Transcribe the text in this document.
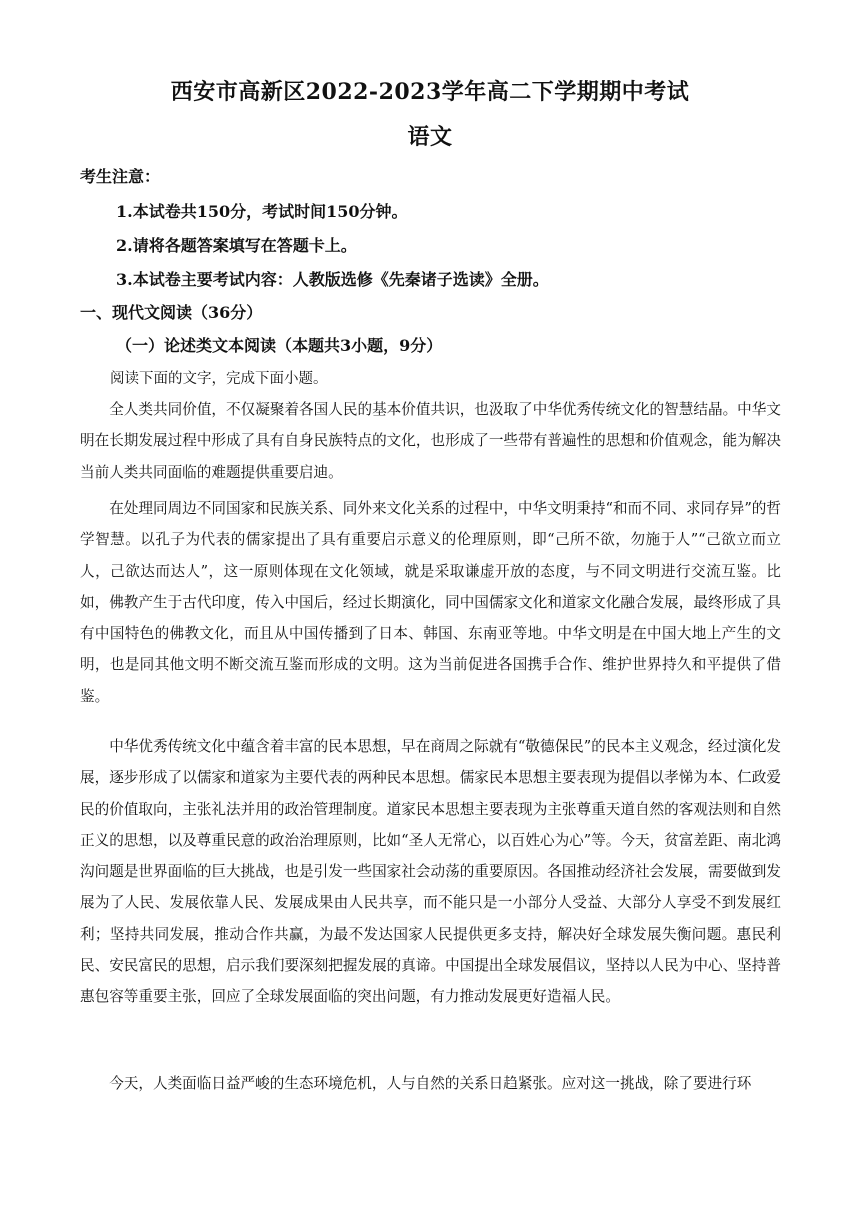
西安市高新区2022-2023学年高二下学期期中考试
语文
考生注意：
1.本试卷共150分，考试时间150分钟。
2.请将各题答案填写在答题卡上。
3.本试卷主要考试内容：人教版选修《先秦诸子选读》全册。
一、现代文阅读（36分）
（一）论述类文本阅读（本题共3小题，9分）
阅读下面的文字，完成下面小题。

全人类共同价值，不仅凝聚着各国人民的基本价值共识，也汲取了中华优秀传统文化的智慧结晶。中华文明在长期发展过程中形成了具有自身民族特点的文化，也形成了一些带有普遍性的思想和价值观念，能为解决当前人类共同面临的难题提供重要启迪。

在处理同周边不同国家和民族关系、同外来文化关系的过程中，中华文明秉持“和而不同、求同存异”的哲学智慧。以孔子为代表的儒家提出了具有重要启示意义的伦理原则，即“己所不欲，勿施于人”“己欲立而立人，己欲达而达人”，这一原则体现在文化领域，就是采取谦虚开放的态度，与不同文明进行交流互鉴。比如，佛教产生于古代印度，传入中国后，经过长期演化，同中国儒家文化和道家文化融合发展，最终形成了具有中国特色的佛教文化，而且从中国传播到了日本、韩国、东南亚等地。中华文明是在中国大地上产生的文明，也是同其他文明不断交流互鉴而形成的文明。这为当前促进各国携手合作、维护世界持久和平提供了借鉴。

中华优秀传统文化中蕴含着丰富的民本思想，早在商周之际就有“敬德保民”的民本主义观念，经过演化发展，逐步形成了以儒家和道家为主要代表的两种民本思想。儒家民本思想主要表现为提倡以孝悌为本、仁政爱民的价值取向，主张礼法并用的政治管理制度。道家民本思想主要表现为主张尊重天道自然的客观法则和自然正义的思想，以及尊重民意的政治治理原则，比如“圣人无常心，以百姓心为心”等。今天，贫富差距、南北鸿沟问题是世界面临的巨大挑战，也是引发一些国家社会动荡的重要原因。各国推动经济社会发展，需要做到发展为了人民、发展依靠人民、发展成果由人民共享，而不能只是一小部分人受益、大部分人享受不到发展红利；坚持共同发展，推动合作共赢，为最不发达国家人民提供更多支持，解决好全球发展失衡问题。惠民利民、安民富民的思想，启示我们要深刻把握发展的真谛。中国提出全球发展倡议，坚持以人民为中心、坚持普惠包容等重要主张，回应了全球发展面临的突出问题，有力推动发展更好造福人民。

今天，人类面临日益严峻的生态环境危机，人与自然的关系日趋紧张。应对这一挑战，除了要进行环
